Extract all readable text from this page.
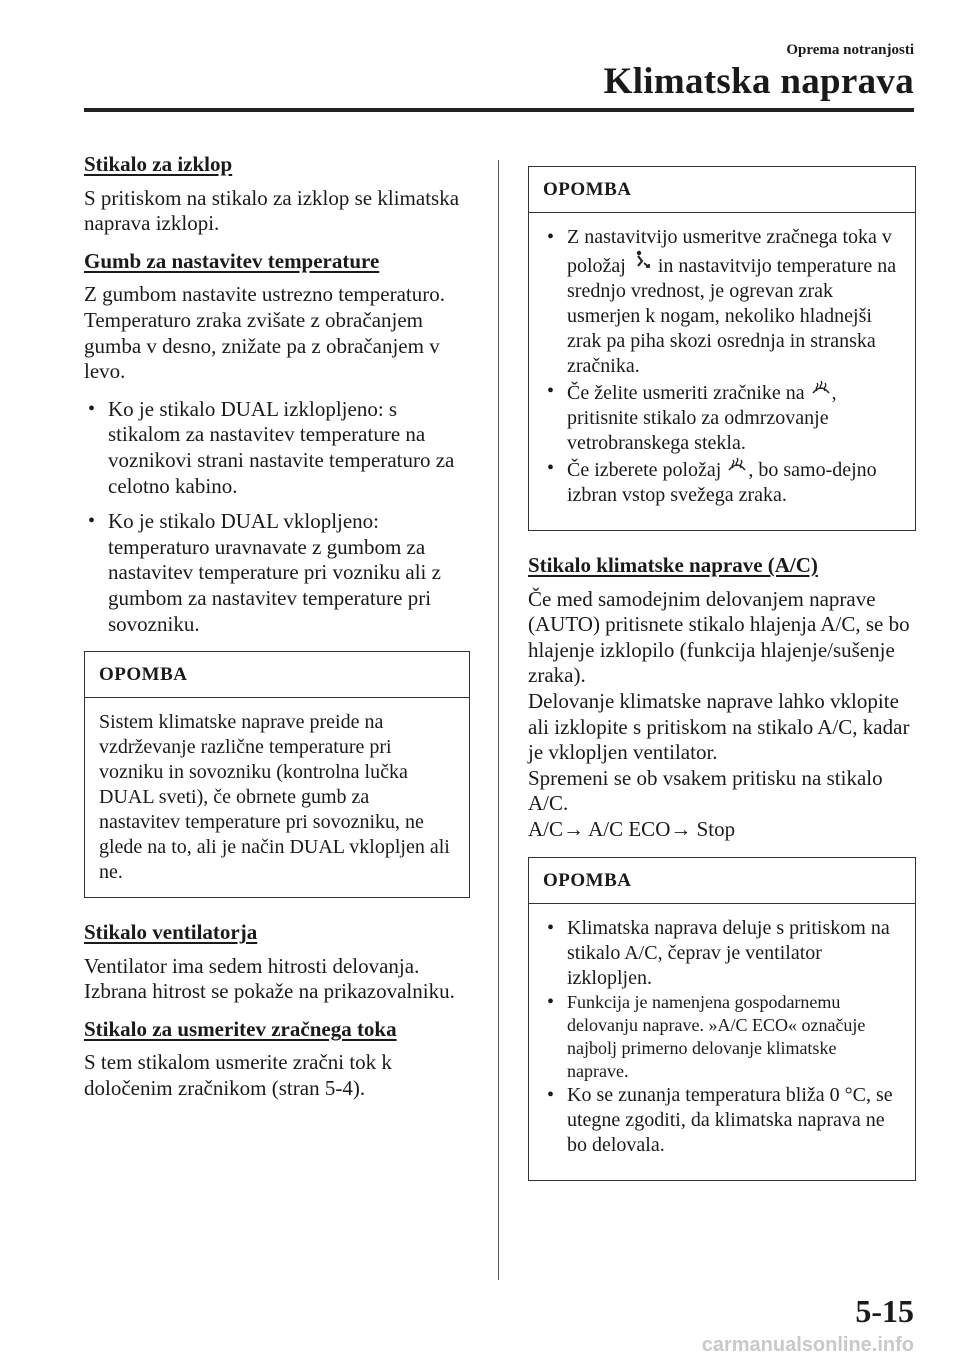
Oprema notranjosti
Klimatska naprava
Stikalo za izklop

S pritiskom na stikalo za izklop se klimatska naprava izklopi.

Gumb za nastavitev temperature

Z gumbom nastavite ustrezno temperaturo. Temperaturo zraka zvišate z obračanjem gumba v desno, znižate pa z obračanjem v levo.

• Ko je stikalo DUAL izklopljeno: s stikalom za nastavitev temperature na voznikovi strani nastavite temperaturo za celotno kabino.
• Ko je stikalo DUAL vklopljeno: temperaturo uravnavate z gumbom za nastavitev temperature pri vozniku ali z gumbom za nastavitev temperature pri sovozniku.
OPOMBA
Sistem klimatske naprave preide na vzdrževanje različne temperature pri vozniku in sovozniku (kontrolna lučka DUAL sveti), če obrnete gumb za nastavitev temperature pri sovozniku, ne glede na to, ali je način DUAL vklopljen ali ne.
Stikalo ventilatorja

Ventilator ima sedem hitrosti delovanja. Izbrana hitrost se pokaže na prikazovalniku.

Stikalo za usmeritev zračnega toka

S tem stikalom usmerite zračni tok k določenim zračnikom (stran 5-4).

OPOMBA
• Z nastavitvijo usmeritve zračnega toka v položaj in nastavitvijo temperature na srednjo vrednost, je ogrevan zrak usmerjen k nogam, nekoliko hladnejši zrak pa piha skozi osrednja in stranska zračnika.
• Če želite usmeriti zračnike na , pritisnite stikalo za odmrzovanje vetrobranskega stekla.
• Če izberete položaj , bo samo-dejno izbran vstop svežega zraka.
Stikalo klimatske naprave (A/C)

Če med samodejnim delovanjem naprave (AUTO) pritisnete stikalo hlajenja A/C, se bo hlajenje izklopilo (funkcija hlajenje/sušenje zraka).

Delovanje klimatske naprave lahko vklopite ali izklopite s pritiskom na stikalo A/C, kadar je vklopljen ventilator.

Spremeni se ob vsakem pritisku na stikalo A/C.

A/C→ A/C ECO→ Stop

OPOMBA
• Klimatska naprava deluje s pritiskom na stikalo A/C, čeprav je ventilator izklopljen.
• Funkcija je namenjena gospodarnemu delovanju naprave. »A/C ECO« označuje najbolj primerno delovanje klimatske naprave.
• Ko se zunanja temperatura bliža 0 °C, se utegne zgoditi, da klimatska naprava ne bo delovala.
5-15
carmanualsonline.info
